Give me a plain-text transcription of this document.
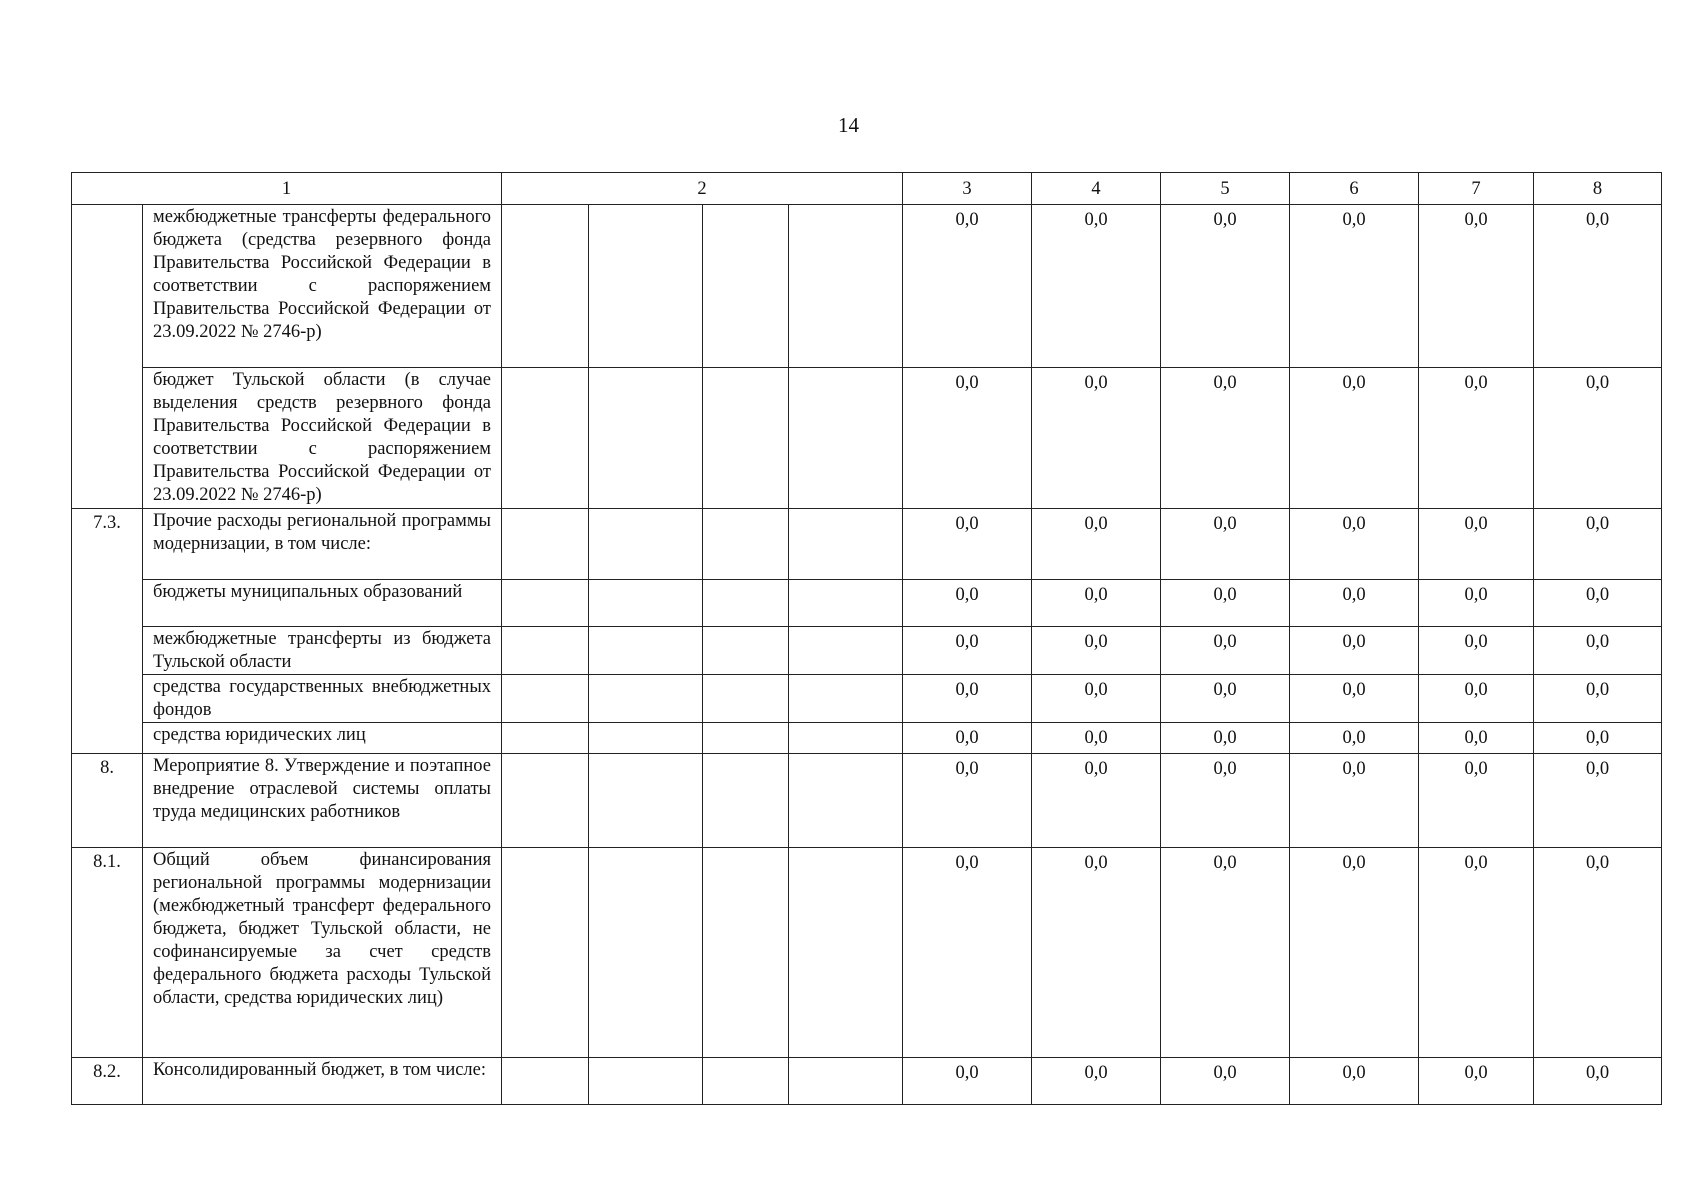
14
1		2				3	4	5	6	7	8
	межбюджетные трансферты федерального бюджета (средства резервного фонда Правительства Российской Федерации в соответствии с распоряжением Правительства Российской Федерации от 23.09.2022 № 2746-р)					0,0	0,0	0,0	0,0	0,0	0,0
	бюджет Тульской области (в случае выделения средств резервного фонда Правительства Российской Федерации в соответствии с распоряжением Правительства Российской Федерации от 23.09.2022 № 2746-р)					0,0	0,0	0,0	0,0	0,0	0,0
7.3.	Прочие расходы региональной программы модернизации, в том числе:					0,0	0,0	0,0	0,0	0,0	0,0
	бюджеты муниципальных образований					0,0	0,0	0,0	0,0	0,0	0,0
	межбюджетные трансферты из бюджета Тульской области					0,0	0,0	0,0	0,0	0,0	0,0
	средства государственных внебюджетных фондов					0,0	0,0	0,0	0,0	0,0	0,0
	средства юридических лиц					0,0	0,0	0,0	0,0	0,0	0,0
8.	Мероприятие 8. Утверждение и поэтапное внедрение отраслевой системы оплаты труда медицинских работников					0,0	0,0	0,0	0,0	0,0	0,0
8.1.	Общий объем финансирования региональной программы модернизации (межбюджетный трансферт федерального бюджета, бюджет Тульской области, не софинансируемые за счет средств федерального бюджета расходы Тульской области, средства юридических лиц)					0,0	0,0	0,0	0,0	0,0	0,0
8.2.	Консолидированный бюджет, в том числе:					0,0	0,0	0,0	0,0	0,0	0,0
